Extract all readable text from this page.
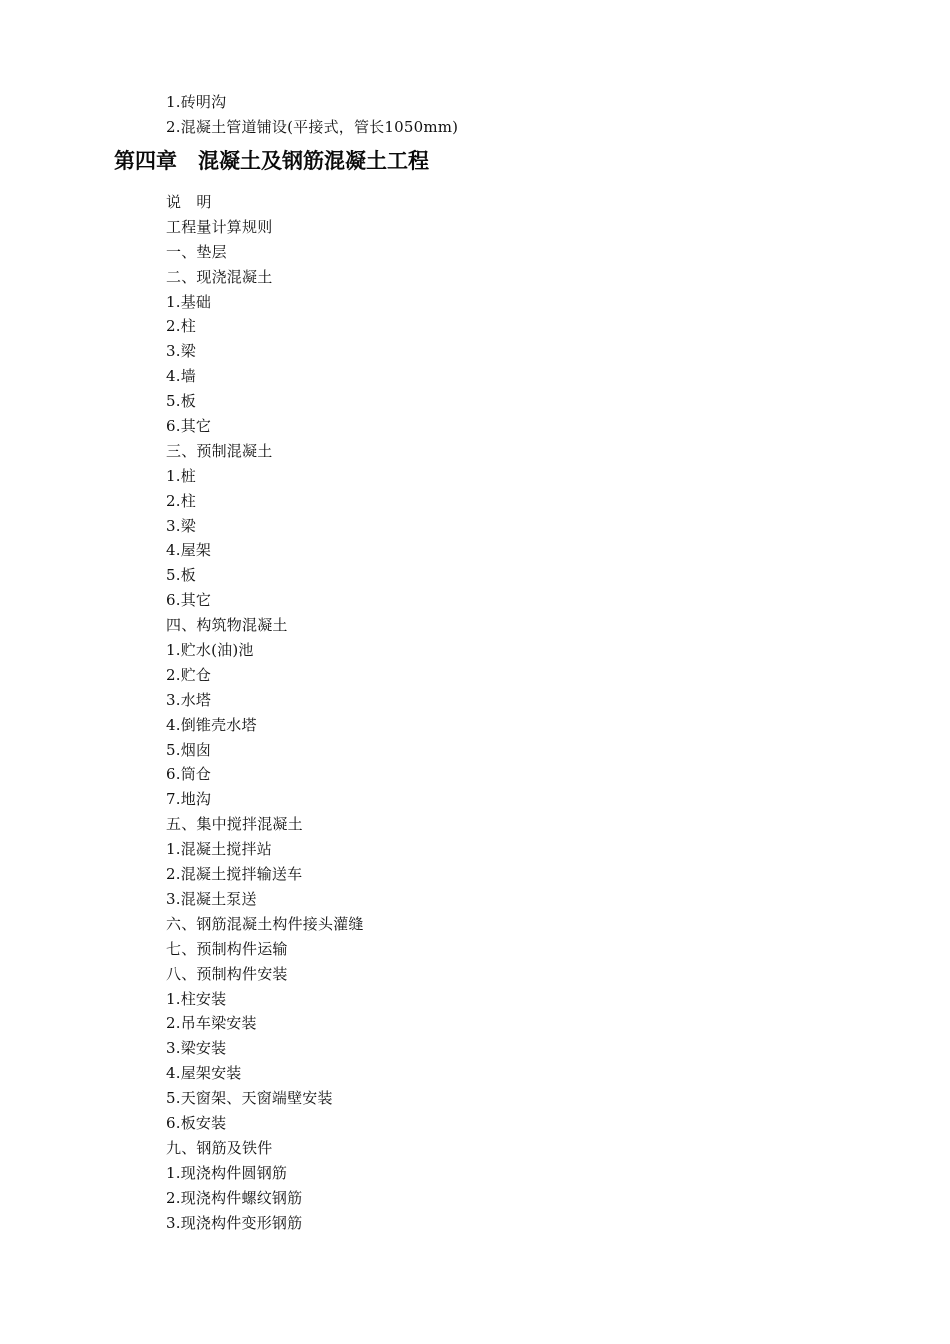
1.砖明沟
2.混凝土管道铺设(平接式，管长1050mm)
第四章　混凝土及钢筋混凝土工程
说　明
工程量计算规则
一、垫层
二、现浇混凝土
1.基础
2.柱
3.梁
4.墙
5.板
6.其它
三、预制混凝土
1.桩
2.柱
3.梁
4.屋架
5.板
6.其它
四、构筑物混凝土
1.贮水(油)池
2.贮仓
3.水塔
4.倒锥壳水塔
5.烟囱
6.筒仓
7.地沟
五、集中搅拌混凝土
1.混凝土搅拌站
2.混凝土搅拌输送车
3.混凝土泵送
六、钢筋混凝土构件接头灌缝
七、预制构件运输
八、预制构件安装
1.柱安装
2.吊车梁安装
3.梁安装
4.屋架安装
5.天窗架、天窗端壁安装
6.板安装
九、钢筋及铁件
1.现浇构件圆钢筋
2.现浇构件螺纹钢筋
3.现浇构件变形钢筋
